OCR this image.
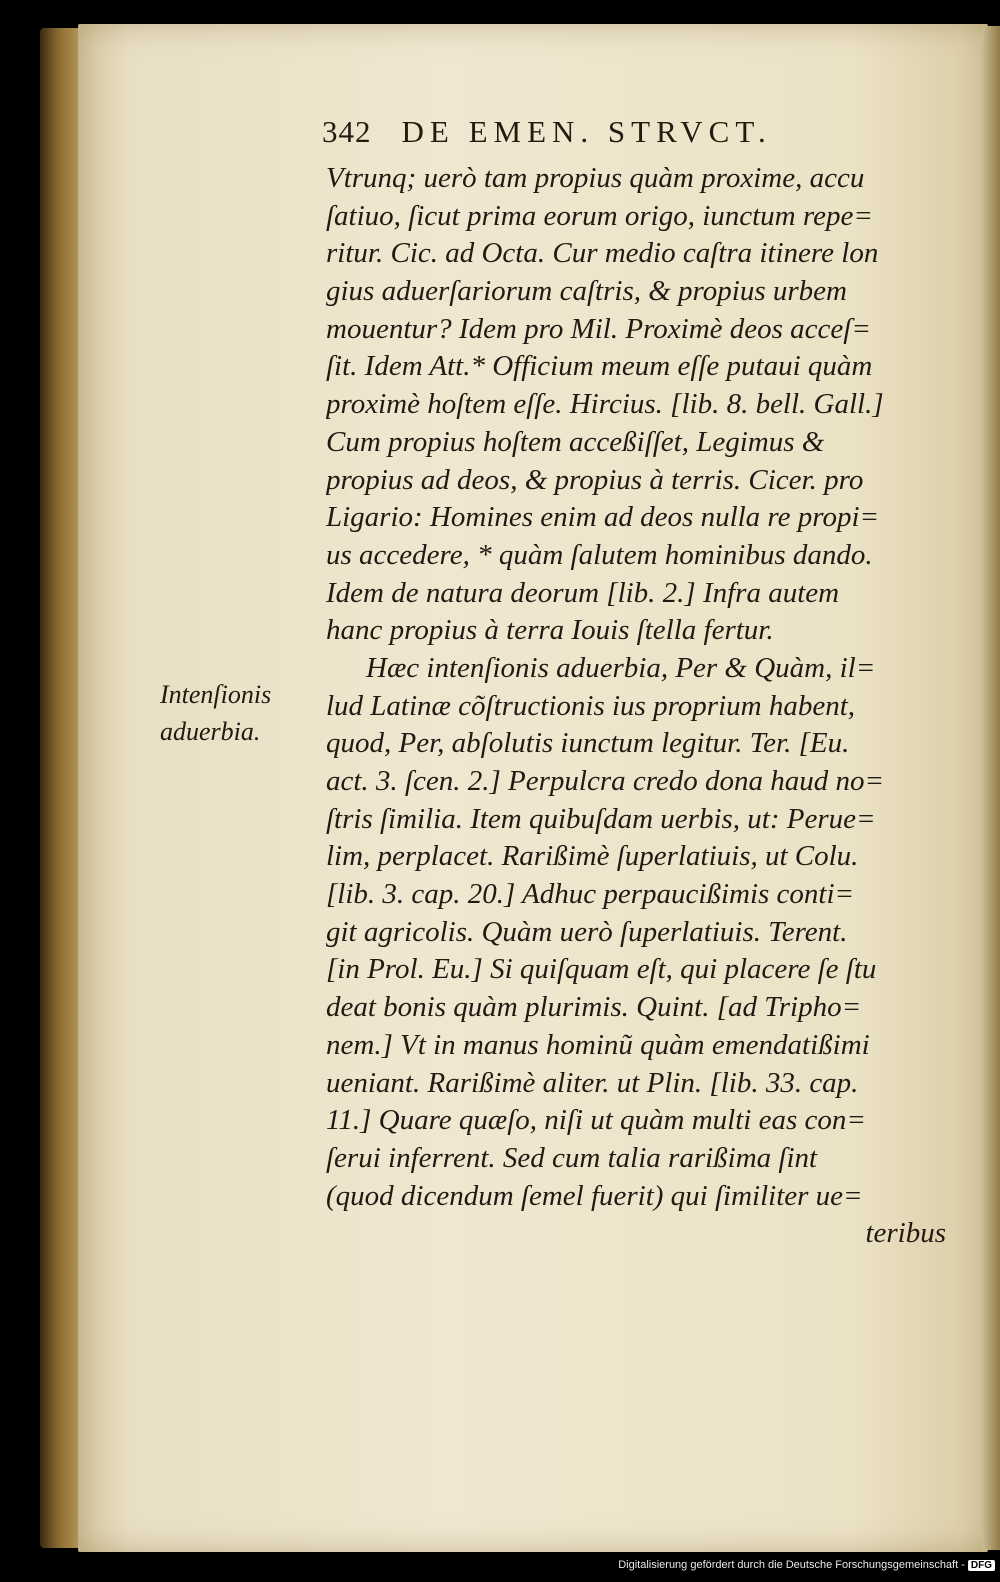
342 DE EMEN. STRVCT.
Intenſionis
aduerbia.
Vtrunq; uerò tam propius quàm proxime, accu
ſatiuo, ſicut prima eorum origo, iunctum repe=
ritur. Cic. ad Octa. Cur medio caſtra itinere lon
gius aduerſariorum caſtris, & propius urbem
mouentur? Idem pro Mil. Proximè deos acceſ=
ſit. Idem Att.* Officium meum eſſe putaui quàm
proximè hoſtem eſſe. Hircius. [lib. 8. bell. Gall.]
Cum propius hoſtem acceßiſſet, Legimus &
propius ad deos, & propius à terris. Cicer. pro
Ligario: Homines enim ad deos nulla re propi=
us accedere, * quàm ſalutem hominibus dando.
Idem de natura deorum [lib. 2.] Infra autem
hanc propius à terra Iouis ſtella fertur.
Hæc intenſionis aduerbia, Per & Quàm, il=
lud Latinæ cõſtructionis ius proprium habent,
quod, Per, abſolutis iunctum legitur. Ter. [Eu.
act. 3. ſcen. 2.] Perpulcra credo dona haud no=
ſtris ſimilia. Item quibuſdam uerbis, ut: Perue=
lim, perplacet. Rarißimè ſuperlatiuis, ut Colu.
[lib. 3. cap. 20.] Adhuc perpaucißimis conti=
git agricolis. Quàm uerò ſuperlatiuis. Terent.
[in Prol. Eu.] Si quiſquam eſt, qui placere ſe ſtu
deat bonis quàm plurimis. Quint. [ad Tripho=
nem.] Vt in manus hominũ quàm emendatißimi
ueniant. Rarißimè aliter. ut Plin. [lib. 33. cap.
11.] Quare quæſo, niſi ut quàm multi eas con=
ſerui inferrent. Sed cum talia rarißima ſint
(quod dicendum ſemel fuerit) qui ſimiliter ue=
teribus
Digitalisierung gefördert durch die Deutsche Forschungsgemeinschaft - DFG
